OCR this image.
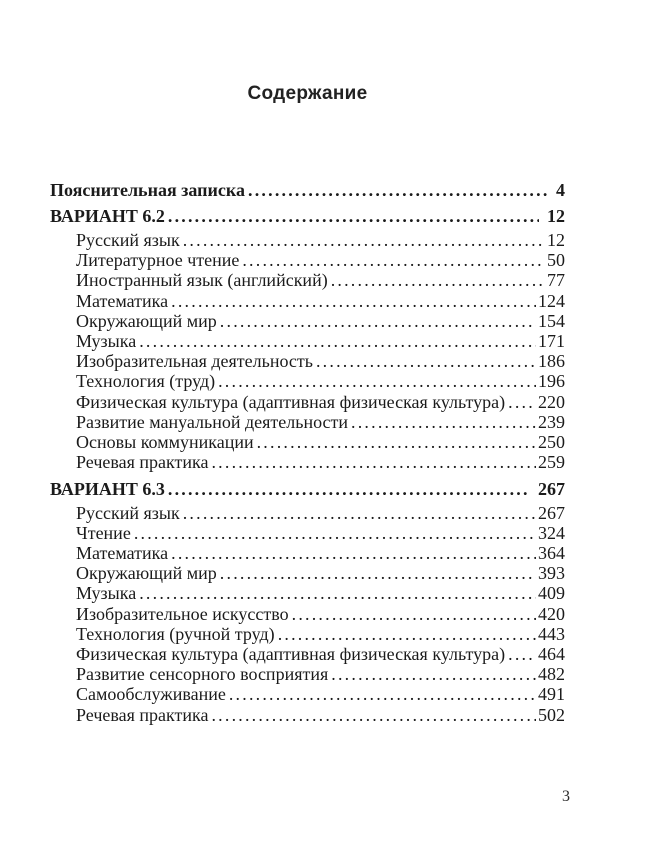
Содержание
Пояснительная записка .....	4
ВАРИАНТ 6.2 .....	12
Русский язык .....	12
Литературное чтение .....	50
Иностранный язык (английский) .....	77
Математика .....	124
Окружающий мир .....	154
Музыка .....	171
Изобразительная деятельность .....	186
Технология (труд) .....	196
Физическая культура (адаптивная физическая культура) ..... 220
Развитие мануальной деятельности .....	239
Основы коммуникации .....	250
Речевая практика .....	259
ВАРИАНТ 6.3 .....	267
Русский язык .....	267
Чтение .....	324
Математика .....	364
Окружающий мир .....	393
Музыка .....	409
Изобразительное искусство .....	420
Технология (ручной труд) .....	443
Физическая культура (адаптивная физическая культура) ..... 464
Развитие сенсорного восприятия .....	482
Самообслуживание .....	491
Речевая практика .....	502
3
